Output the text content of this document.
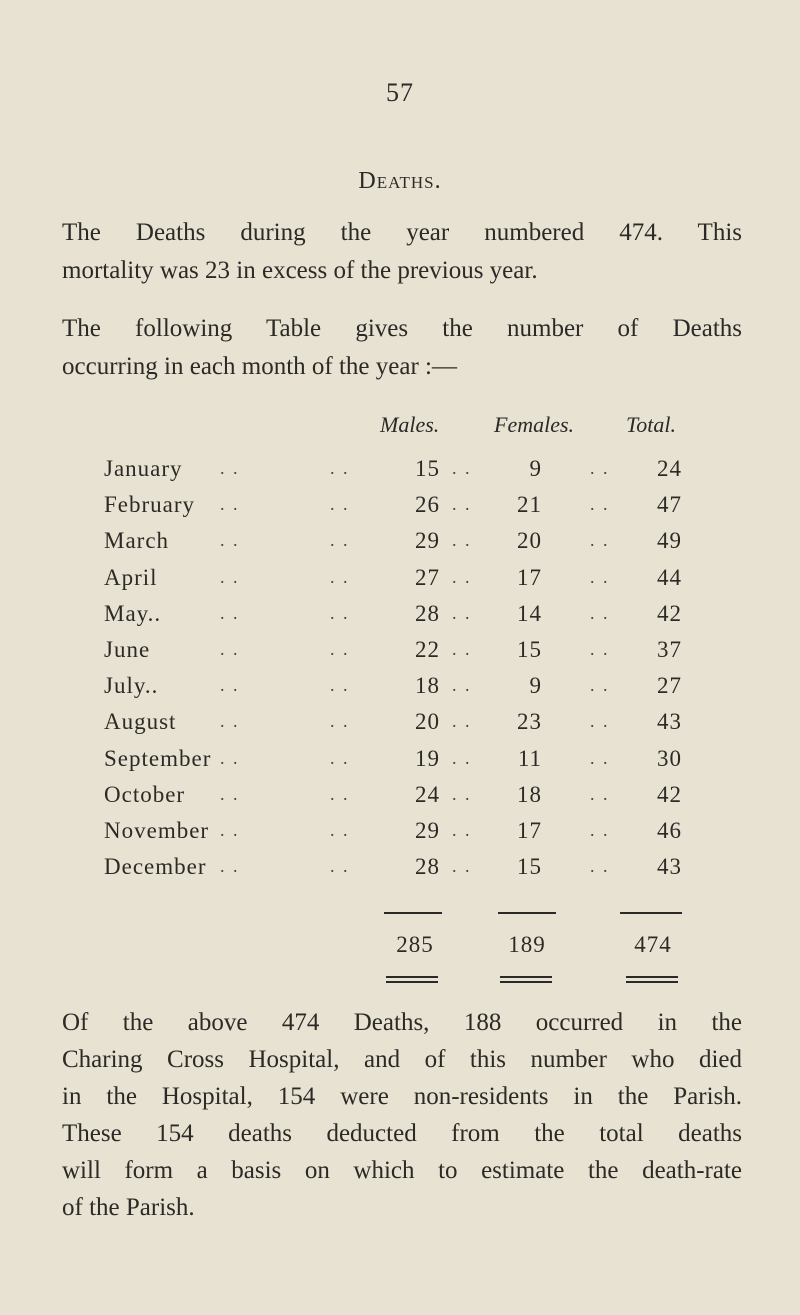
57
Deaths.
The Deaths during the year numbered 474. This
mortality was 23 in excess of the previous year.
The following Table gives the number of Deaths
occurring in each month of the year :—
Males. Females. Total.
January	15	9	24
. .	. .	. .	. .
February	26	21	47
. .	. .	. .	. .
March	29	20	49
. .	. .	. .	. .
April	27	17	44
. .	. .	. .	. .
May..	28	14	42
. .	. .	. .	. .
June	22	15	37
. .	. .	. .	. .
July..	18	9	27
. .	. .	. .	. .
August	20	23	43
. .	. .	. .	. .
September	19	11	30
. .	. .	. .	. .
October	24	18	42
. .	. .	. .	. .
November	29	17	46
. .	. .	. .	. .
December	28	15	43
. .	. .	. .	. .
285	189	474
Of the above 474 Deaths, 188 occurred in the
Charing Cross Hospital, and of this number who died
in the Hospital, 154 were non-residents in the Parish.
These 154 deaths deducted from the total deaths
will form a basis on which to estimate the death-rate
of the Parish.
